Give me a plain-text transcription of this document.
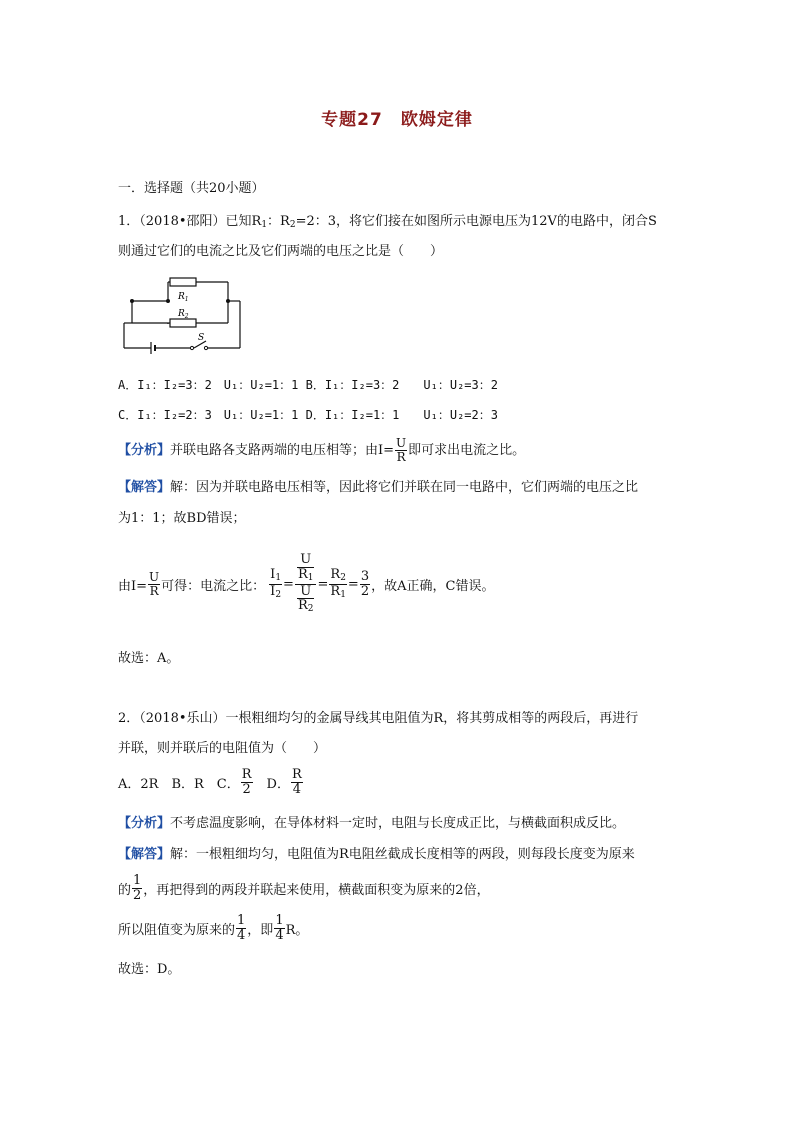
专题27　欧姆定律
一．选择题（共20小题）
1．（2018•邵阳）已知$R_1$：$R_2=2$：3，将它们接在如图所示电源电压为12V的电路中，闭合S
则通过它们的电流之比及它们两端的电压之比是（　　）
$R_1$
$R_2$
S
A．I₁：I₂=3：2　U₁：U₂=1：1 B．I₁：I₂=3：2　　U₁：U₂=3：2
C．I₁：I₂=2：3　U₁：U₂=1：1 D．I₁：I₂=1：1　　U₁：U₂=2：3
【分析】并联电路各支路两端的电压相等；由$I= \frac{U}{R}$ 即可求出电流之比。
【解答】解：因为并联电路电压相等，因此将它们并联在同一电路中，它们两端的电压之比
为1：1；故BD错误；
由$I= \frac{U}{R}$ 可得：电流之比： $\frac{I_1}{I_2} = U$
$R_1$
U
$R_2 = \frac{R_2}{R_1} = \frac{3}{2}$ ，故A正确，C错误。
故选：A。
2．（2018•乐山）一根粗细均匀的金属导线其电阻值为R，将其剪成相等的两段后，再进行
并联，则并联后的电阻值为（　　）
A．2R　B．R　C． $\frac{R}{2}$ 　D． $\frac{R}{4}$
【分析】不考虑温度影响，在导体材料一定时，电阻与长度成正比，与横截面积成反比。
【解答】解：一根粗细均匀，电阻值为R电阻丝截成长度相等的两段，则每段长度变为原来
的 $\frac{1}{2}$ ，再把得到的两段并联起来使用，横截面积变为原来的2倍，
所以阻值变为原来的 $\frac{1}{4}$ ，即 $\frac{1}{4}$ R。
故选：D。
